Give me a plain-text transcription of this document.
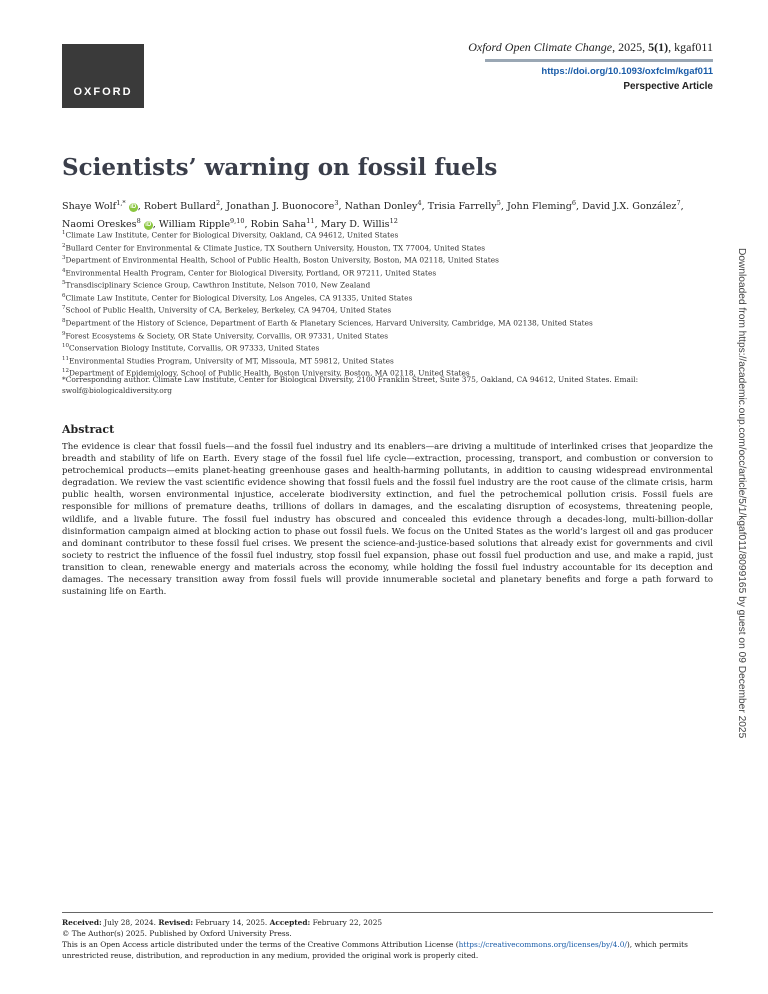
OXFORD
Oxford Open Climate Change, 2025, 5(1), kgaf011
https://doi.org/10.1093/oxfclm/kgaf011
Perspective Article
Scientists’ warning on fossil fuels
Shaye Wolf$^{1,*}$ iD , Robert Bullard$^2$, Jonathan J. Buonocore$^3$, Nathan Donley$^4$, Trisia Farrelly$^5$, John Fleming$^6$, David J.X. González$^7$, Naomi Oreskes$^8$ iD , William Ripple$^{9,10}$, Robin Saha$^{11}$, Mary D. Willis$^{12}$
$^1$Climate Law Institute, Center for Biological Diversity, Oakland, CA 94612, United States
$^2$Bullard Center for Environmental & Climate Justice, TX Southern University, Houston, TX 77004, United States
$^3$Department of Environmental Health, School of Public Health, Boston University, Boston, MA 02118, United States
$^4$Environmental Health Program, Center for Biological Diversity, Portland, OR 97211, United States
$^5$Transdisciplinary Science Group, Cawthron Institute, Nelson 7010, New Zealand
$^6$Climate Law Institute, Center for Biological Diversity, Los Angeles, CA 91335, United States
$^7$School of Public Health, University of CA, Berkeley, Berkeley, CA 94704, United States
$^8$Department of the History of Science, Department of Earth & Planetary Sciences, Harvard University, Cambridge, MA 02138, United States
$^9$Forest Ecosystems & Society, OR State University, Corvallis, OR 97331, United States
$^{10}$Conservation Biology Institute, Corvallis, OR 97333, United States
$^{11}$Environmental Studies Program, University of MT, Missoula, MT 59812, United States
$^{12}$Department of Epidemiology, School of Public Health, Boston University, Boston, MA 02118, United States
*Corresponding author. Climate Law Institute, Center for Biological Diversity, 2100 Franklin Street, Suite 375, Oakland, CA 94612, United States. Email: swolf@biologicaldiversity.org
Abstract

The evidence is clear that fossil fuels—and the fossil fuel industry and its enablers—are driving a multitude of interlinked crises that jeopardize the breadth and stability of life on Earth. Every stage of the fossil fuel life cycle—extraction, processing, transport, and combustion or conversion to petrochemical products—emits planet-heating greenhouse gases and health-harming pollutants, in addition to causing widespread environmental degradation. We review the vast scientific evidence showing that fossil fuels and the fossil fuel industry are the root cause of the climate crisis, harm public health, worsen environmental injustice, accelerate biodiversity extinction, and fuel the petrochemical pollution crisis. Fossil fuels are responsible for millions of premature deaths, trillions of dollars in damages, and the escalating disruption of ecosystems, threatening people, wildlife, and a livable future. The fossil fuel industry has obscured and concealed this evidence through a decades-long, multi-billion-dollar disinformation campaign aimed at blocking action to phase out fossil fuels. We focus on the United States as the world’s largest oil and gas producer and dominant contributor to these fossil fuel crises. We present the science-and-justice-based solutions that already exist for governments and civil society to restrict the influence of the fossil fuel industry, stop fossil fuel expansion, phase out fossil fuel production and use, and make a rapid, just transition to clean, renewable energy and materials across the economy, while holding the fossil fuel industry accountable for its deception and damages. The necessary transition away from fossil fuels will provide innumerable societal and planetary benefits and forge a path forward to sustaining life on Earth.	Downloaded from https://academic.oup.com/occ/article/5/1/kgaf011/8099165 by guest on 09 December 2025
Received: July 28, 2024. Revised: February 14, 2025. Accepted: February 22, 2025
© The Author(s) 2025. Published by Oxford University Press.
This is an Open Access article distributed under the terms of the Creative Commons Attribution License (https://creativecommons.org/licenses/by/4.0/), which permits unrestricted reuse, distribution, and reproduction in any medium, provided the original work is properly cited.
